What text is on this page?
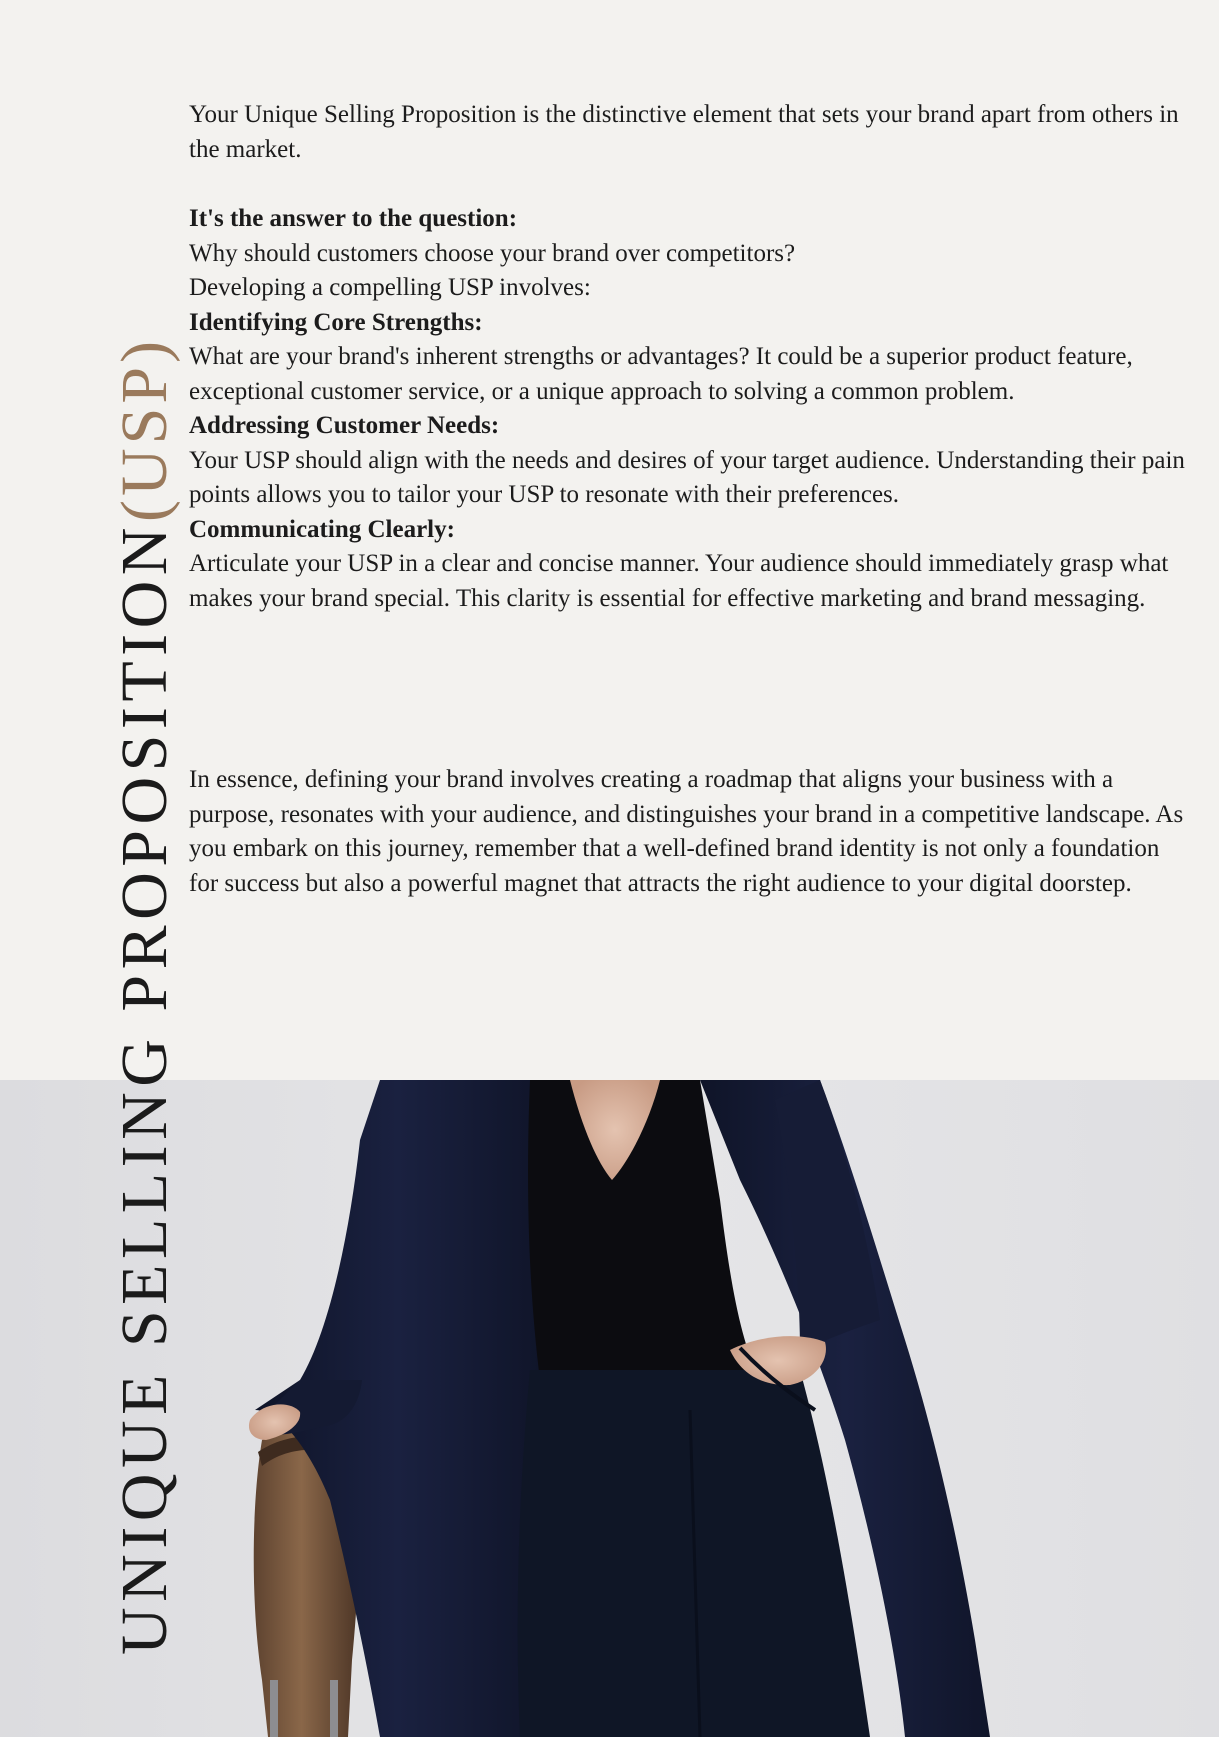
UNIQUE SELLING PROPOSITION(USP)

Your Unique Selling Proposition is the distinctive element that sets your brand apart from others in the market.

It's the answer to the question:

Why should customers choose your brand over competitors?

Developing a compelling USP involves:

Identifying Core Strengths:

What are your brand's inherent strengths or advantages? It could be a superior product feature, exceptional customer service, or a unique approach to solving a common problem.

Addressing Customer Needs:

Your USP should align with the needs and desires of your target audience. Understanding their pain points allows you to tailor your USP to resonate with their preferences.

Communicating Clearly:

Articulate your USP in a clear and concise manner. Your audience should immediately grasp what makes your brand special. This clarity is essential for effective marketing and brand messaging.

In essence, defining your brand involves creating a roadmap that aligns your business with a purpose, resonates with your audience, and distinguishes your brand in a competitive landscape. As you embark on this journey, remember that a well-defined brand identity is not only a foundation for success but also a powerful magnet that attracts the right audience to your digital doorstep.
